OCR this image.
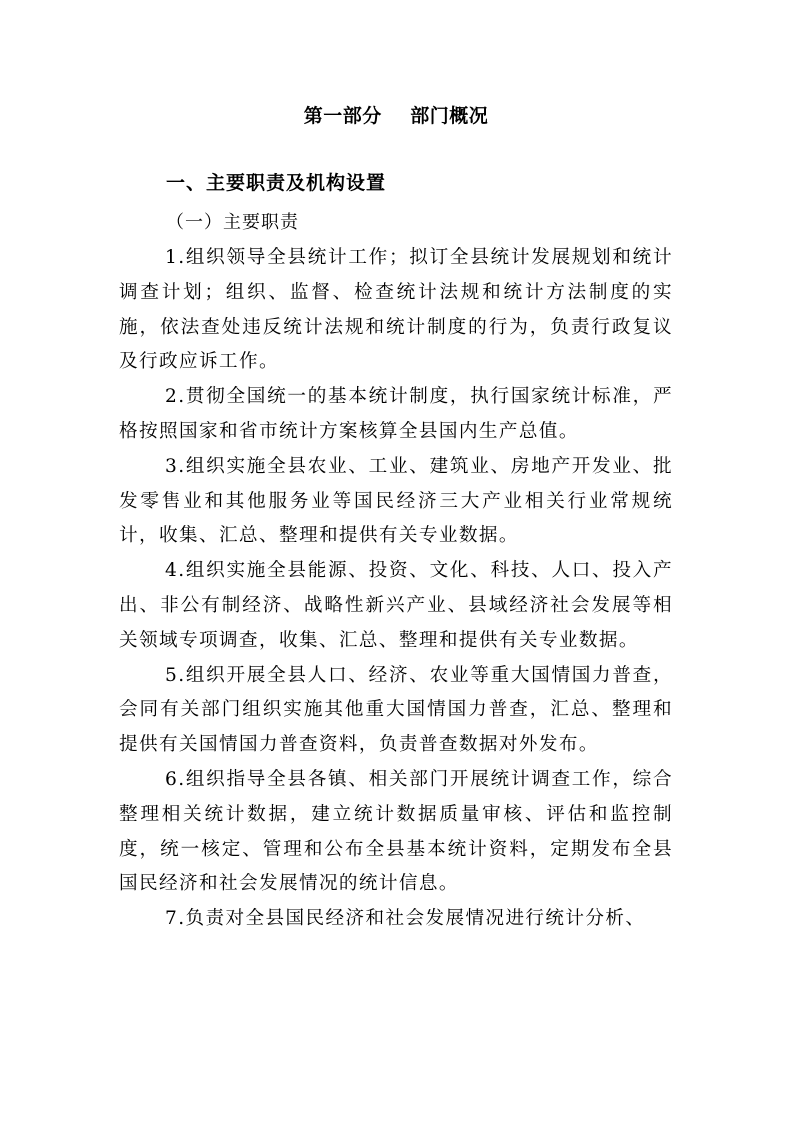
第一部分    部门概况
一、主要职责及机构设置
（一）主要职责

1.组织领导全县统计工作；拟订全县统计发展规划和统计调查计划；组织、监督、检查统计法规和统计方法制度的实施，依法查处违反统计法规和统计制度的行为，负责行政复议及行政应诉工作。

2.贯彻全国统一的基本统计制度，执行国家统计标准，严格按照国家和省市统计方案核算全县国内生产总值。

3.组织实施全县农业、工业、建筑业、房地产开发业、批发零售业和其他服务业等国民经济三大产业相关行业常规统计，收集、汇总、整理和提供有关专业数据。

4.组织实施全县能源、投资、文化、科技、人口、投入产出、非公有制经济、战略性新兴产业、县域经济社会发展等相关领域专项调查，收集、汇总、整理和提供有关专业数据。

5.组织开展全县人口、经济、农业等重大国情国力普查，会同有关部门组织实施其他重大国情国力普查，汇总、整理和提供有关国情国力普查资料，负责普查数据对外发布。

6.组织指导全县各镇、相关部门开展统计调查工作，综合整理相关统计数据，建立统计数据质量审核、评估和监控制度，统一核定、管理和公布全县基本统计资料，定期发布全县国民经济和社会发展情况的统计信息。

7.负责对全县国民经济和社会发展情况进行统计分析、
